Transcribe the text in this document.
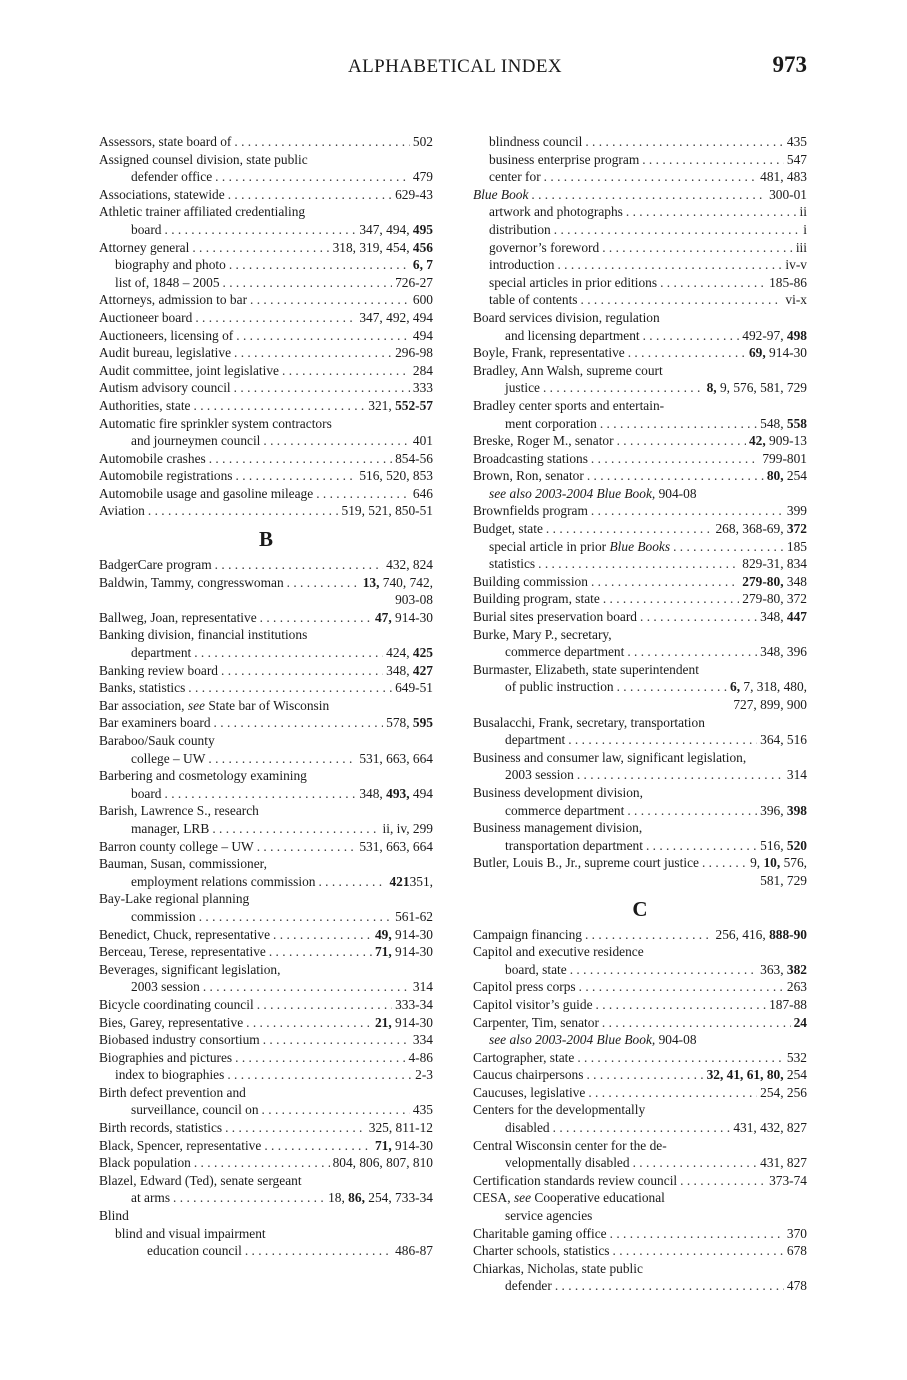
ALPHABETICAL INDEX	973
Assessors, state board of . . .	502
Assigned counsel division, state public
defender office . . .	479
Associations, statewide . . .	629-43
Athletic trainer affiliated credentialing
board . . .	347, 494, 495
Attorney general . . .	318, 319, 454, 456
biography and photo . . .	6, 7
list of, 1848 – 2005 . . .	726-27
Attorneys, admission to bar . . .	600
Auctioneer board . . .	347, 492, 494
Auctioneers, licensing of . . .	494
Audit bureau, legislative . . .	296-98
Audit committee, joint legislative . . .	284
Autism advisory council . . .	333
Authorities, state . . .	321, 552-57
Automatic fire sprinkler system contractors
and journeymen council . . .	401
Automobile crashes . . .	854-56
Automobile registrations . . .	516, 520, 853
Automobile usage and gasoline mileage . . .	646
Aviation . . .	519, 521, 850-51
B
BadgerCare program . . .	432, 824
Baldwin, Tammy, congresswoman . . .	13, 740, 742,
903-08
Ballweg, Joan, representative . . .	47, 914-30
Banking division, financial institutions
department . . .	424, 425
Banking review board . . .	348, 427
Banks, statistics . . .	649-51
Bar association, see State bar of Wisconsin
Bar examiners board . . .	578, 595
Baraboo/Sauk county
college – UW . . .	531, 663, 664
Barbering and cosmetology examining
board . . .	348, 493, 494
Barish, Lawrence S., research
manager, LRB . . .	ii, iv, 299
Barron county college – UW . . .	531, 663, 664
Bauman, Susan, commissioner,
employment relations commission . . .	421351,
Bay-Lake regional planning
commission . . .	561-62
Benedict, Chuck, representative . . .	49, 914-30
Berceau, Terese, representative . . .	71, 914-30
Beverages, significant legislation,
2003 session . . .	314
Bicycle coordinating council . . .	333-34
Bies, Garey, representative . . .	21, 914-30
Biobased industry consortium . . .	334
Biographies and pictures . . .	4-86
index to biographies . . .	2-3
Birth defect prevention and
surveillance, council on . . .	435
Birth records, statistics . . .	325, 811-12
Black, Spencer, representative . . .	71, 914-30
Black population . . .	804, 806, 807, 810
Blazel, Edward (Ted), senate sergeant
at arms . . .	18, 86, 254, 733-34
Blind
blind and visual impairment
education council . . .	486-87
blindness council . . .	435
business enterprise program . . .	547
center for . . .	481, 483
Blue Book . . .	300-01
artwork and photographs . . .	ii
distribution . . .	i
governor’s foreword . . .	iii
introduction . . .	iv-v
special articles in prior editions . . .	185-86
table of contents . . .	vi-x
Board services division, regulation
and licensing department . . .	492-97, 498
Boyle, Frank, representative . . .	69, 914-30
Bradley, Ann Walsh, supreme court
justice . . .	8, 9, 576, 581, 729
Bradley center sports and entertain-
ment corporation . . .	548, 558
Breske, Roger M., senator . . .	42, 909-13
Broadcasting stations . . .	799-801
Brown, Ron, senator . . .	80, 254
see also 2003-2004 Blue Book, 904-08
Brownfields program . . .	399
Budget, state . . .	268, 368-69, 372
special article in prior Blue Books . . .	185
statistics . . .	829-31, 834
Building commission . . .	279-80, 348
Building program, state . . .	279-80, 372
Burial sites preservation board . . .	348, 447
Burke, Mary P., secretary,
commerce department . . .	348, 396
Burmaster, Elizabeth, state superintendent
of public instruction . . .	6, 7, 318, 480,
727, 899, 900
Busalacchi, Frank, secretary, transportation
department . . .	364, 516
Business and consumer law, significant legislation,
2003 session . . .	314
Business development division,
commerce department . . .	396, 398
Business management division,
transportation department . . .	516, 520
Butler, Louis B., Jr., supreme court justice . . .	9, 10, 576,
581, 729
C
Campaign financing . . .	256, 416, 888-90
Capitol and executive residence
board, state . . .	363, 382
Capitol press corps . . .	263
Capitol visitor’s guide . . .	187-88
Carpenter, Tim, senator . . .	24
see also 2003-2004 Blue Book, 904-08
Cartographer, state . . .	532
Caucus chairpersons . . .	32, 41, 61, 80, 254
Caucuses, legislative . . .	254, 256
Centers for the developmentally
disabled . . .	431, 432, 827
Central Wisconsin center for the de-
velopmentally disabled . . .	431, 827
Certification standards review council . . .	373-74
CESA, see Cooperative educational
service agencies
Charitable gaming office . . .	370
Charter schools, statistics . . .	678
Chiarkas, Nicholas, state public
defender . . .	478
